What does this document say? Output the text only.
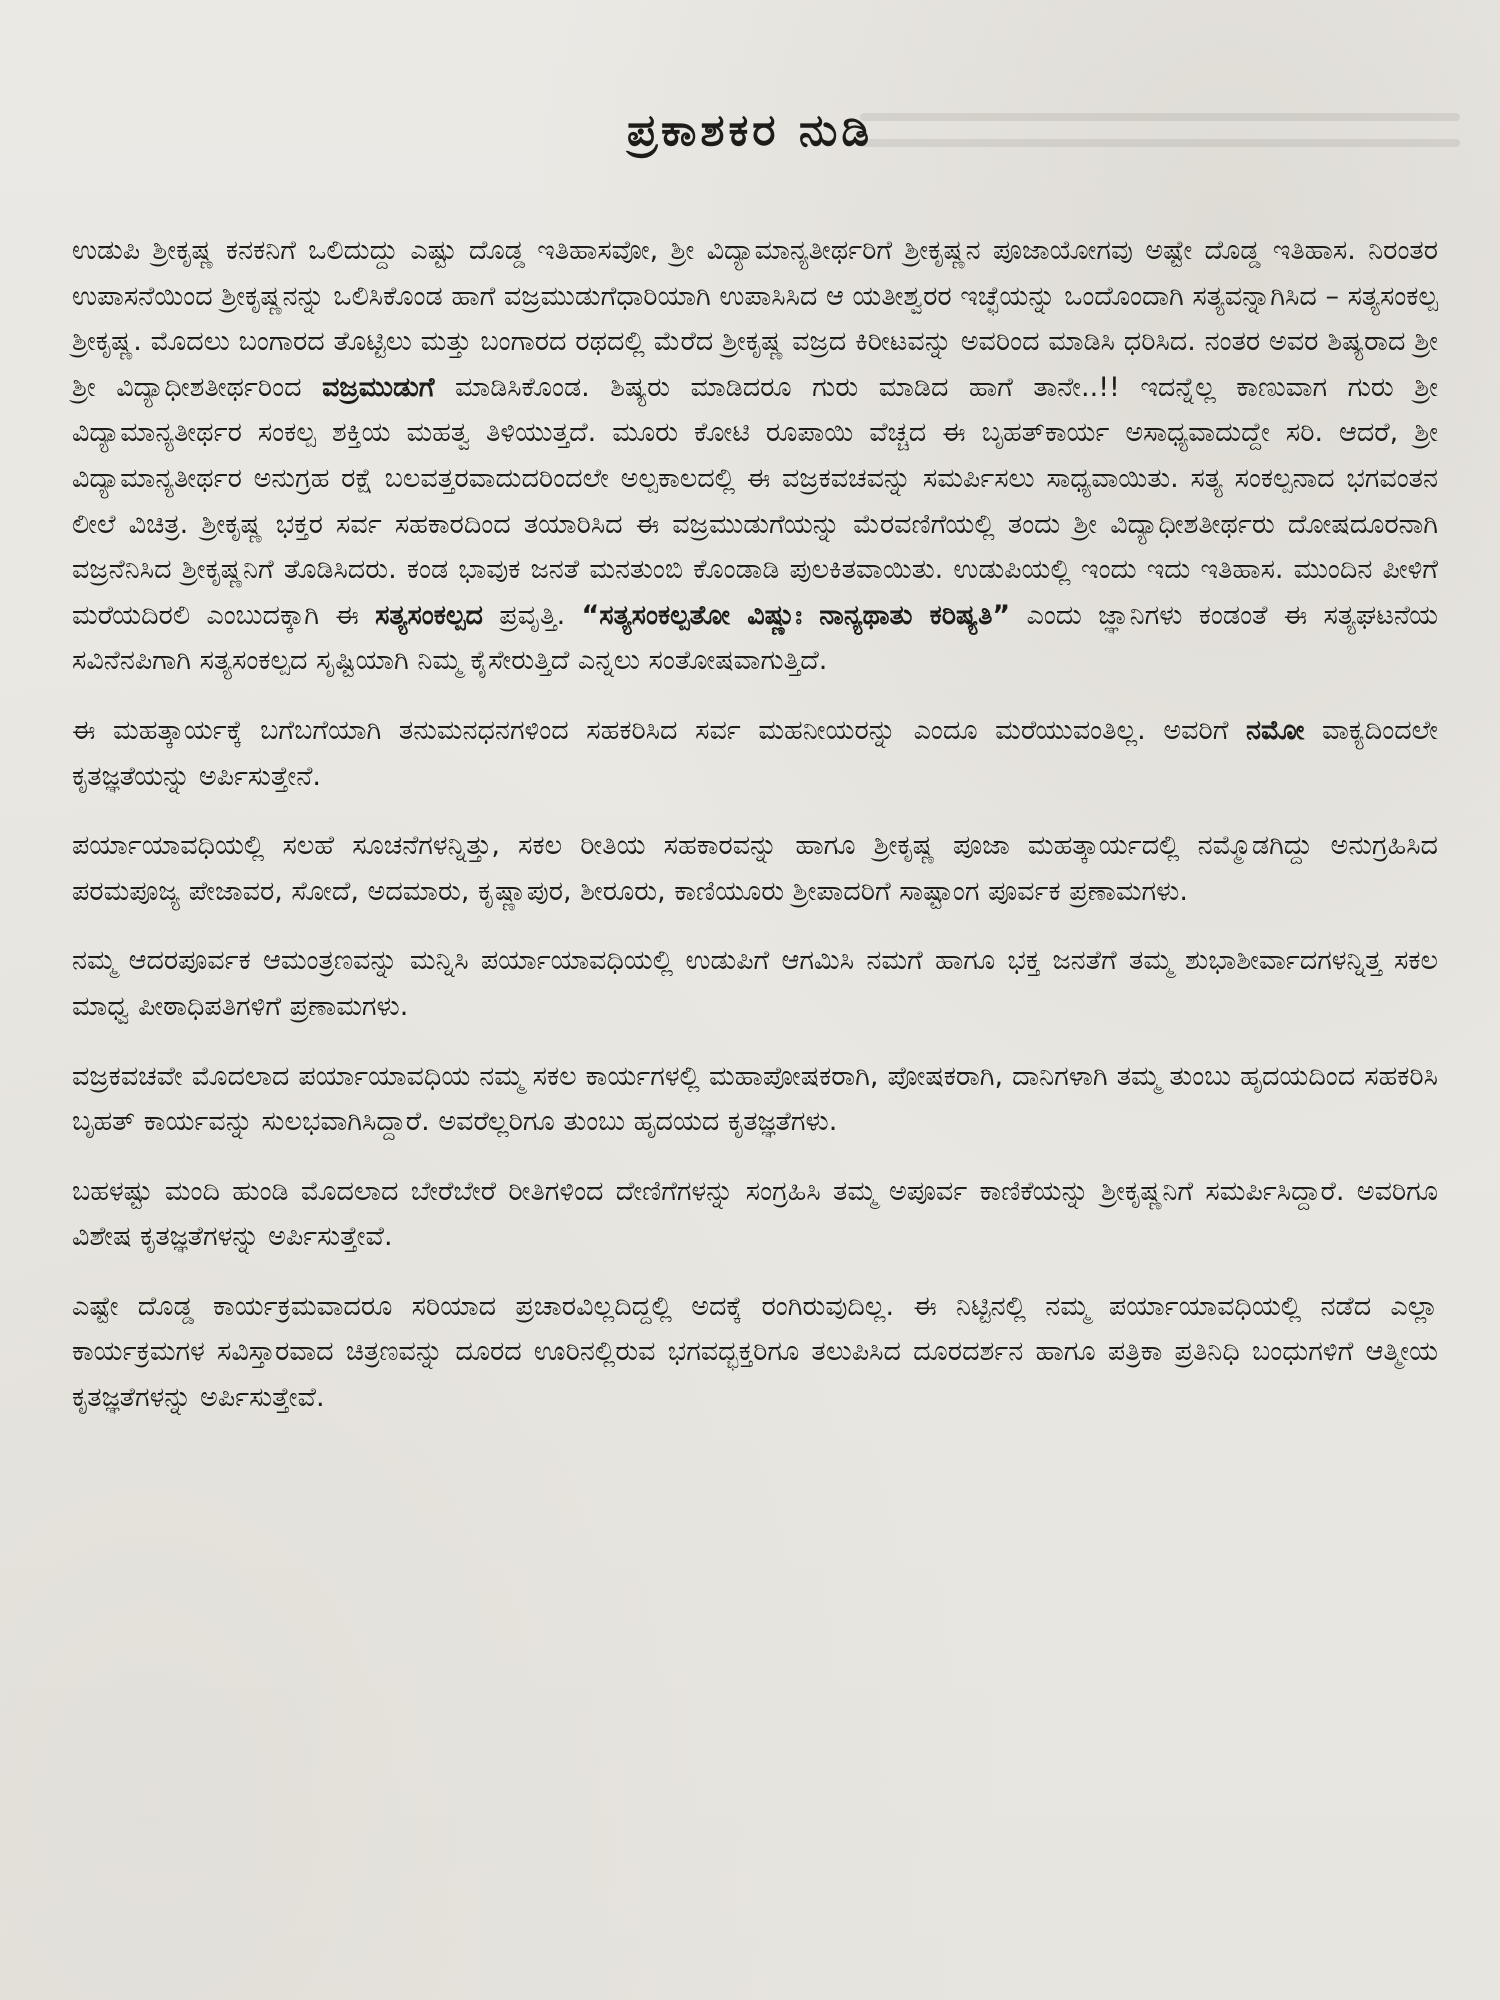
ಪ್ರಕಾಶಕರ ನುಡಿ

ಉಡುಪಿ ಶ್ರೀಕೃಷ್ಣ ಕನಕನಿಗೆ ಒಲಿದುದ್ದು ಎಷ್ಟು ದೊಡ್ಡ ಇತಿಹಾಸವೋ, ಶ್ರೀ ವಿದ್ಯಾಮಾನ್ಯತೀರ್ಥರಿಗೆ ಶ್ರೀಕೃಷ್ಣನ ಪೂಜಾಯೋಗವು ಅಷ್ಟೇ ದೊಡ್ಡ ಇತಿಹಾಸ. ನಿರಂತರ ಉಪಾಸನೆಯಿಂದ ಶ್ರೀಕೃಷ್ಣನನ್ನು ಒಲಿಸಿಕೊಂಡ ಹಾಗೆ ವಜ್ರಮುಡುಗೆಧಾರಿಯಾಗಿ ಉಪಾಸಿಸಿದ ಆ ಯತೀಶ್ವರರ ಇಚ್ಛೆಯನ್ನು ಒಂದೊಂದಾಗಿ ಸತ್ಯವನ್ನಾಗಿಸಿದ – ಸತ್ಯಸಂಕಲ್ಪ ಶ್ರೀಕೃಷ್ಣ. ಮೊದಲು ಬಂಗಾರದ ತೊಟ್ಟಿಲು ಮತ್ತು ಬಂಗಾರದ ರಥದಲ್ಲಿ ಮೆರೆದ ಶ್ರೀಕೃಷ್ಣ ವಜ್ರದ ಕಿರೀಟವನ್ನು ಅವರಿಂದ ಮಾಡಿಸಿ ಧರಿಸಿದ. ನಂತರ ಅವರ ಶಿಷ್ಯರಾದ ಶ್ರೀ ಶ್ರೀ ವಿದ್ಯಾಧೀಶತೀರ್ಥರಿಂದ ವಜ್ರಮುಡುಗೆ ಮಾಡಿಸಿಕೊಂಡ. ಶಿಷ್ಯರು ಮಾಡಿದರೂ ಗುರು ಮಾಡಿದ ಹಾಗೆ ತಾನೇ..!! ಇದನ್ನೆಲ್ಲ ಕಾಣುವಾಗ ಗುರು ಶ್ರೀ ವಿದ್ಯಾಮಾನ್ಯತೀರ್ಥರ ಸಂಕಲ್ಪ ಶಕ್ತಿಯ ಮಹತ್ವ ತಿಳಿಯುತ್ತದೆ. ಮೂರು ಕೋಟಿ ರೂಪಾಯಿ ವೆಚ್ಚದ ಈ ಬೃಹತ್‌ಕಾರ್ಯ ಅಸಾಧ್ಯವಾದುದ್ದೇ ಸರಿ. ಆದರೆ, ಶ್ರೀ ವಿದ್ಯಾಮಾನ್ಯತೀರ್ಥರ ಅನುಗ್ರಹ ರಕ್ಷೆ ಬಲವತ್ತರವಾದುದರಿಂದಲೇ ಅಲ್ಪಕಾಲದಲ್ಲಿ ಈ ವಜ್ರಕವಚವನ್ನು ಸಮರ್ಪಿಸಲು ಸಾಧ್ಯವಾಯಿತು. ಸತ್ಯ ಸಂಕಲ್ಪನಾದ ಭಗವಂತನ ಲೀಲೆ ವಿಚಿತ್ರ. ಶ್ರೀಕೃಷ್ಣ ಭಕ್ತರ ಸರ್ವ ಸಹಕಾರದಿಂದ ತಯಾರಿಸಿದ ಈ ವಜ್ರಮುಡುಗೆಯನ್ನು ಮೆರವಣಿಗೆಯಲ್ಲಿ ತಂದು ಶ್ರೀ ವಿದ್ಯಾಧೀಶತೀರ್ಥರು ದೋಷದೂರನಾಗಿ ವಜ್ರನೆನಿಸಿದ ಶ್ರೀಕೃಷ್ಣನಿಗೆ ತೊಡಿಸಿದರು. ಕಂಡ ಭಾವುಕ ಜನತೆ ಮನತುಂಬಿ ಕೊಂಡಾಡಿ ಪುಲಕಿತವಾಯಿತು. ಉಡುಪಿಯಲ್ಲಿ ಇಂದು ಇದು ಇತಿಹಾಸ. ಮುಂದಿನ ಪೀಳಿಗೆ ಮರೆಯದಿರಲಿ ಎಂಬುದಕ್ಕಾಗಿ ಈ ಸತ್ಯಸಂಕಲ್ಪದ ಪ್ರವೃತ್ತಿ. “ಸತ್ಯಸಂಕಲ್ಪತೋ ವಿಷ್ಣುಃ ನಾನ್ಯಥಾತು ಕರಿಷ್ಯತಿ” ಎಂದು ಜ್ಞಾನಿಗಳು ಕಂಡಂತೆ ಈ ಸತ್ಯಘಟನೆಯ ಸವಿನೆನಪಿಗಾಗಿ ಸತ್ಯಸಂಕಲ್ಪದ ಸೃಷ್ಟಿಯಾಗಿ ನಿಮ್ಮ ಕೈಸೇರುತ್ತಿದೆ ಎನ್ನಲು ಸಂತೋಷವಾಗುತ್ತಿದೆ.

ಈ ಮಹತ್ಕಾರ್ಯಕ್ಕೆ ಬಗೆಬಗೆಯಾಗಿ ತನುಮನಧನಗಳಿಂದ ಸಹಕರಿಸಿದ ಸರ್ವ ಮಹನೀಯರನ್ನು ಎಂದೂ ಮರೆಯುವಂತಿಲ್ಲ. ಅವರಿಗೆ ನಮೋ ವಾಕ್ಯದಿಂದಲೇ ಕೃತಜ್ಞತೆಯನ್ನು ಅರ್ಪಿಸುತ್ತೇನೆ.

ಪರ್ಯಾಯಾವಧಿಯಲ್ಲಿ ಸಲಹೆ ಸೂಚನೆಗಳನ್ನಿತ್ತು, ಸಕಲ ರೀತಿಯ ಸಹಕಾರವನ್ನು ಹಾಗೂ ಶ್ರೀಕೃಷ್ಣ ಪೂಜಾ ಮಹತ್ಕಾರ್ಯದಲ್ಲಿ ನಮ್ಮೊಡಗಿದ್ದು ಅನುಗ್ರಹಿಸಿದ ಪರಮಪೂಜ್ಯ ಪೇಜಾವರ, ಸೋದೆ, ಅದಮಾರು, ಕೃಷ್ಣಾಪುರ, ಶೀರೂರು, ಕಾಣಿಯೂರು ಶ್ರೀಪಾದರಿಗೆ ಸಾಷ್ಟಾಂಗ ಪೂರ್ವಕ ಪ್ರಣಾಮಗಳು.

ನಮ್ಮ ಆದರಪೂರ್ವಕ ಆಮಂತ್ರಣವನ್ನು ಮನ್ನಿಸಿ ಪರ್ಯಾಯಾವಧಿಯಲ್ಲಿ ಉಡುಪಿಗೆ ಆಗಮಿಸಿ ನಮಗೆ ಹಾಗೂ ಭಕ್ತ ಜನತೆಗೆ ತಮ್ಮ ಶುಭಾಶೀರ್ವಾದಗಳನ್ನಿತ್ತ ಸಕಲ ಮಾಧ್ವ ಪೀಠಾಧಿಪತಿಗಳಿಗೆ ಪ್ರಣಾಮಗಳು.

ವಜ್ರಕವಚವೇ ಮೊದಲಾದ ಪರ್ಯಾಯಾವಧಿಯ ನಮ್ಮ ಸಕಲ ಕಾರ್ಯಗಳಲ್ಲಿ ಮಹಾಪೋಷಕರಾಗಿ, ಪೋಷಕರಾಗಿ, ದಾನಿಗಳಾಗಿ ತಮ್ಮ ತುಂಬು ಹೃದಯದಿಂದ ಸಹಕರಿಸಿ ಬೃಹತ್ ಕಾರ್ಯವನ್ನು ಸುಲಭವಾಗಿಸಿದ್ದಾರೆ. ಅವರೆಲ್ಲರಿಗೂ ತುಂಬು ಹೃದಯದ ಕೃತಜ್ಞತೆಗಳು.

ಬಹಳಷ್ಟು ಮಂದಿ ಹುಂಡಿ ಮೊದಲಾದ ಬೇರೆಬೇರೆ ರೀತಿಗಳಿಂದ ದೇಣಿಗೆಗಳನ್ನು ಸಂಗ್ರಹಿಸಿ ತಮ್ಮ ಅಪೂರ್ವ ಕಾಣಿಕೆಯನ್ನು ಶ್ರೀಕೃಷ್ಣನಿಗೆ ಸಮರ್ಪಿಸಿದ್ದಾರೆ. ಅವರಿಗೂ ವಿಶೇಷ ಕೃತಜ್ಞತೆಗಳನ್ನು ಅರ್ಪಿಸುತ್ತೇವೆ.

ಎಷ್ಟೇ ದೊಡ್ಡ ಕಾರ್ಯಕ್ರಮವಾದರೂ ಸರಿಯಾದ ಪ್ರಚಾರವಿಲ್ಲದಿದ್ದಲ್ಲಿ ಅದಕ್ಕೆ ರಂಗಿರುವುದಿಲ್ಲ. ಈ ನಿಟ್ಟಿನಲ್ಲಿ ನಮ್ಮ ಪರ್ಯಾಯಾವಧಿಯಲ್ಲಿ ನಡೆದ ಎಲ್ಲಾ ಕಾರ್ಯಕ್ರಮಗಳ ಸವಿಸ್ತಾರವಾದ ಚಿತ್ರಣವನ್ನು ದೂರದ ಊರಿನಲ್ಲಿರುವ ಭಗವದ್ಭಕ್ತರಿಗೂ ತಲುಪಿಸಿದ ದೂರದರ್ಶನ ಹಾಗೂ ಪತ್ರಿಕಾ ಪ್ರತಿನಿಧಿ ಬಂಧುಗಳಿಗೆ ಆತ್ಮೀಯ ಕೃತಜ್ಞತೆಗಳನ್ನು ಅರ್ಪಿಸುತ್ತೇವೆ.
